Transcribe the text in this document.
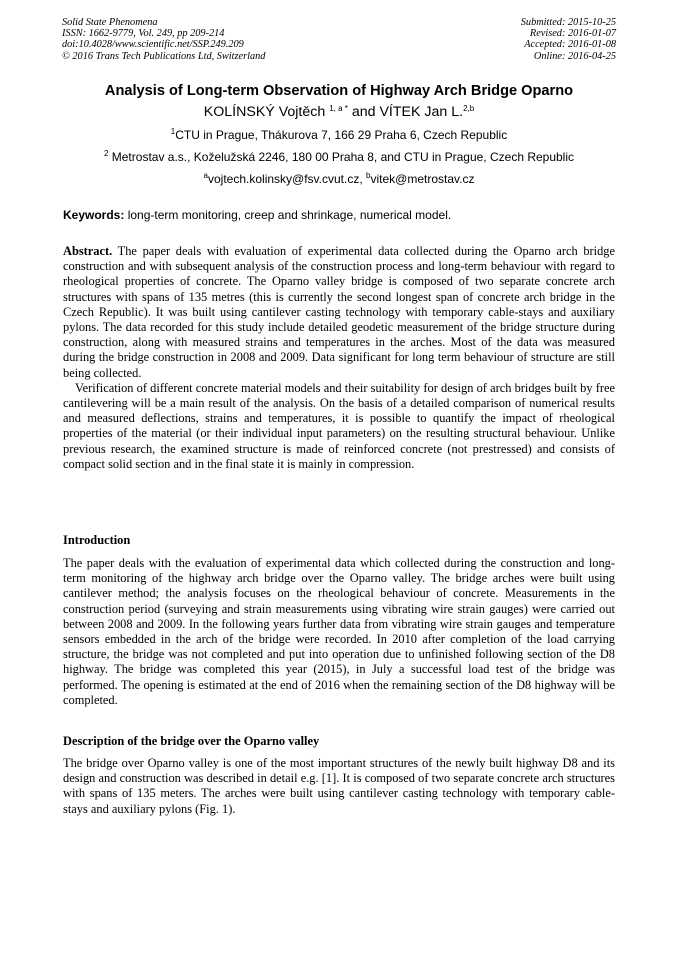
Solid State Phenomena
ISSN: 1662-9779, Vol. 249, pp 209-214
doi:10.4028/www.scientific.net/SSP.249.209
© 2016 Trans Tech Publications Ltd, Switzerland
Submitted: 2015-10-25
Revised: 2016-01-07
Accepted: 2016-01-08
Online: 2016-04-25
Analysis of Long-term Observation of Highway Arch Bridge Oparno
KOLÍNSKÝ Vojtěch $^{1, a *}$ and VÍTEK Jan L.$^{2,b}$
$^1$CTU in Prague, Thákurova 7, 166 29 Praha 6, Czech Republic
$^2$ Metrostav a.s., Koželužská 2246, 180 00 Praha 8, and CTU in Prague, Czech Republic
$^a$vojtech.kolinsky@fsv.cvut.cz, $^b$vitek@metrostav.cz
Keywords: long-term monitoring, creep and shrinkage, numerical model.

Abstract. The paper deals with evaluation of experimental data collected during the Oparno arch bridge construction and with subsequent analysis of the construction process and long-term behaviour with regard to rheological properties of concrete. The Oparno valley bridge is composed of two separate concrete arch structures with spans of 135 metres (this is currently the second longest span of concrete arch bridge in the Czech Republic). It was built using cantilever casting technology with temporary cable-stays and auxiliary pylons. The data recorded for this study include detailed geodetic measurement of the bridge structure during construction, along with measured strains and temperatures in the arches. Most of the data was measured during the bridge construction in 2008 and 2009. Data significant for long term behaviour of structure are still being collected.

Verification of different concrete material models and their suitability for design of arch bridges built by free cantilevering will be a main result of the analysis. On the basis of a detailed comparison of numerical results and measured deflections, strains and temperatures, it is possible to quantify the impact of rheological properties of the material (or their individual input parameters) on the resulting structural behaviour. Unlike previous research, the examined structure is made of reinforced concrete (not prestressed) and consists of compact solid section and in the final state it is mainly in compression.

Introduction

The paper deals with the evaluation of experimental data which collected during the construction and long-term monitoring of the highway arch bridge over the Oparno valley. The bridge arches were built using cantilever method; the analysis focuses on the rheological behaviour of concrete. Measurements in the construction period (surveying and strain measurements using vibrating wire strain gauges) were carried out between 2008 and 2009. In the following years further data from vibrating wire strain gauges and temperature sensors embedded in the arch of the bridge were recorded. In 2010 after completion of the load carrying structure, the bridge was not completed and put into operation due to unfinished following section of the D8 highway. The bridge was completed this year (2015), in July a successful load test of the bridge was performed. The opening is estimated at the end of 2016 when the remaining section of the D8 highway will be completed.

Description of the bridge over the Oparno valley

The bridge over Oparno valley is one of the most important structures of the newly built highway D8 and its design and construction was described in detail e.g. [1]. It is composed of two separate concrete arch structures with spans of 135 meters. The arches were built using cantilever casting technology with temporary cable-stays and auxiliary pylons (Fig. 1).
